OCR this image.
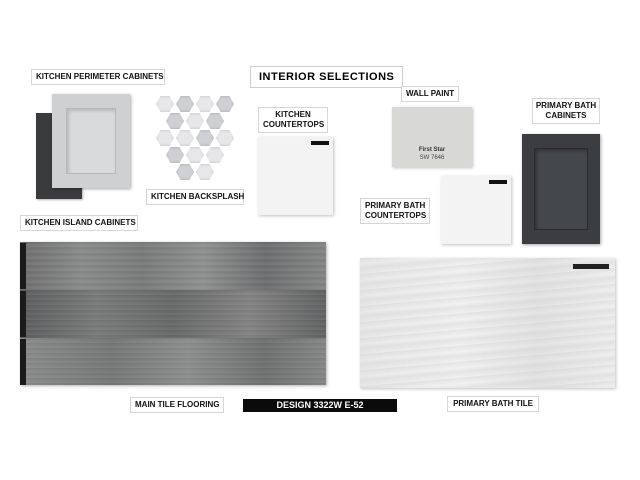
KITCHEN PERIMETER CABINETS	INTERIOR SELECTIONS
WALL PAINT
PRIMARY BATH
CABINETS
KITCHEN BACKSPLASH
KITCHEN
COUNTERTOPS
First Star
SW 7646
PRIMARY BATH
COUNTERTOPS
KITCHEN ISLAND CABINETS
MAIN TILE FLOORING	DESIGN 3322W E-52	PRIMARY BATH TILE
